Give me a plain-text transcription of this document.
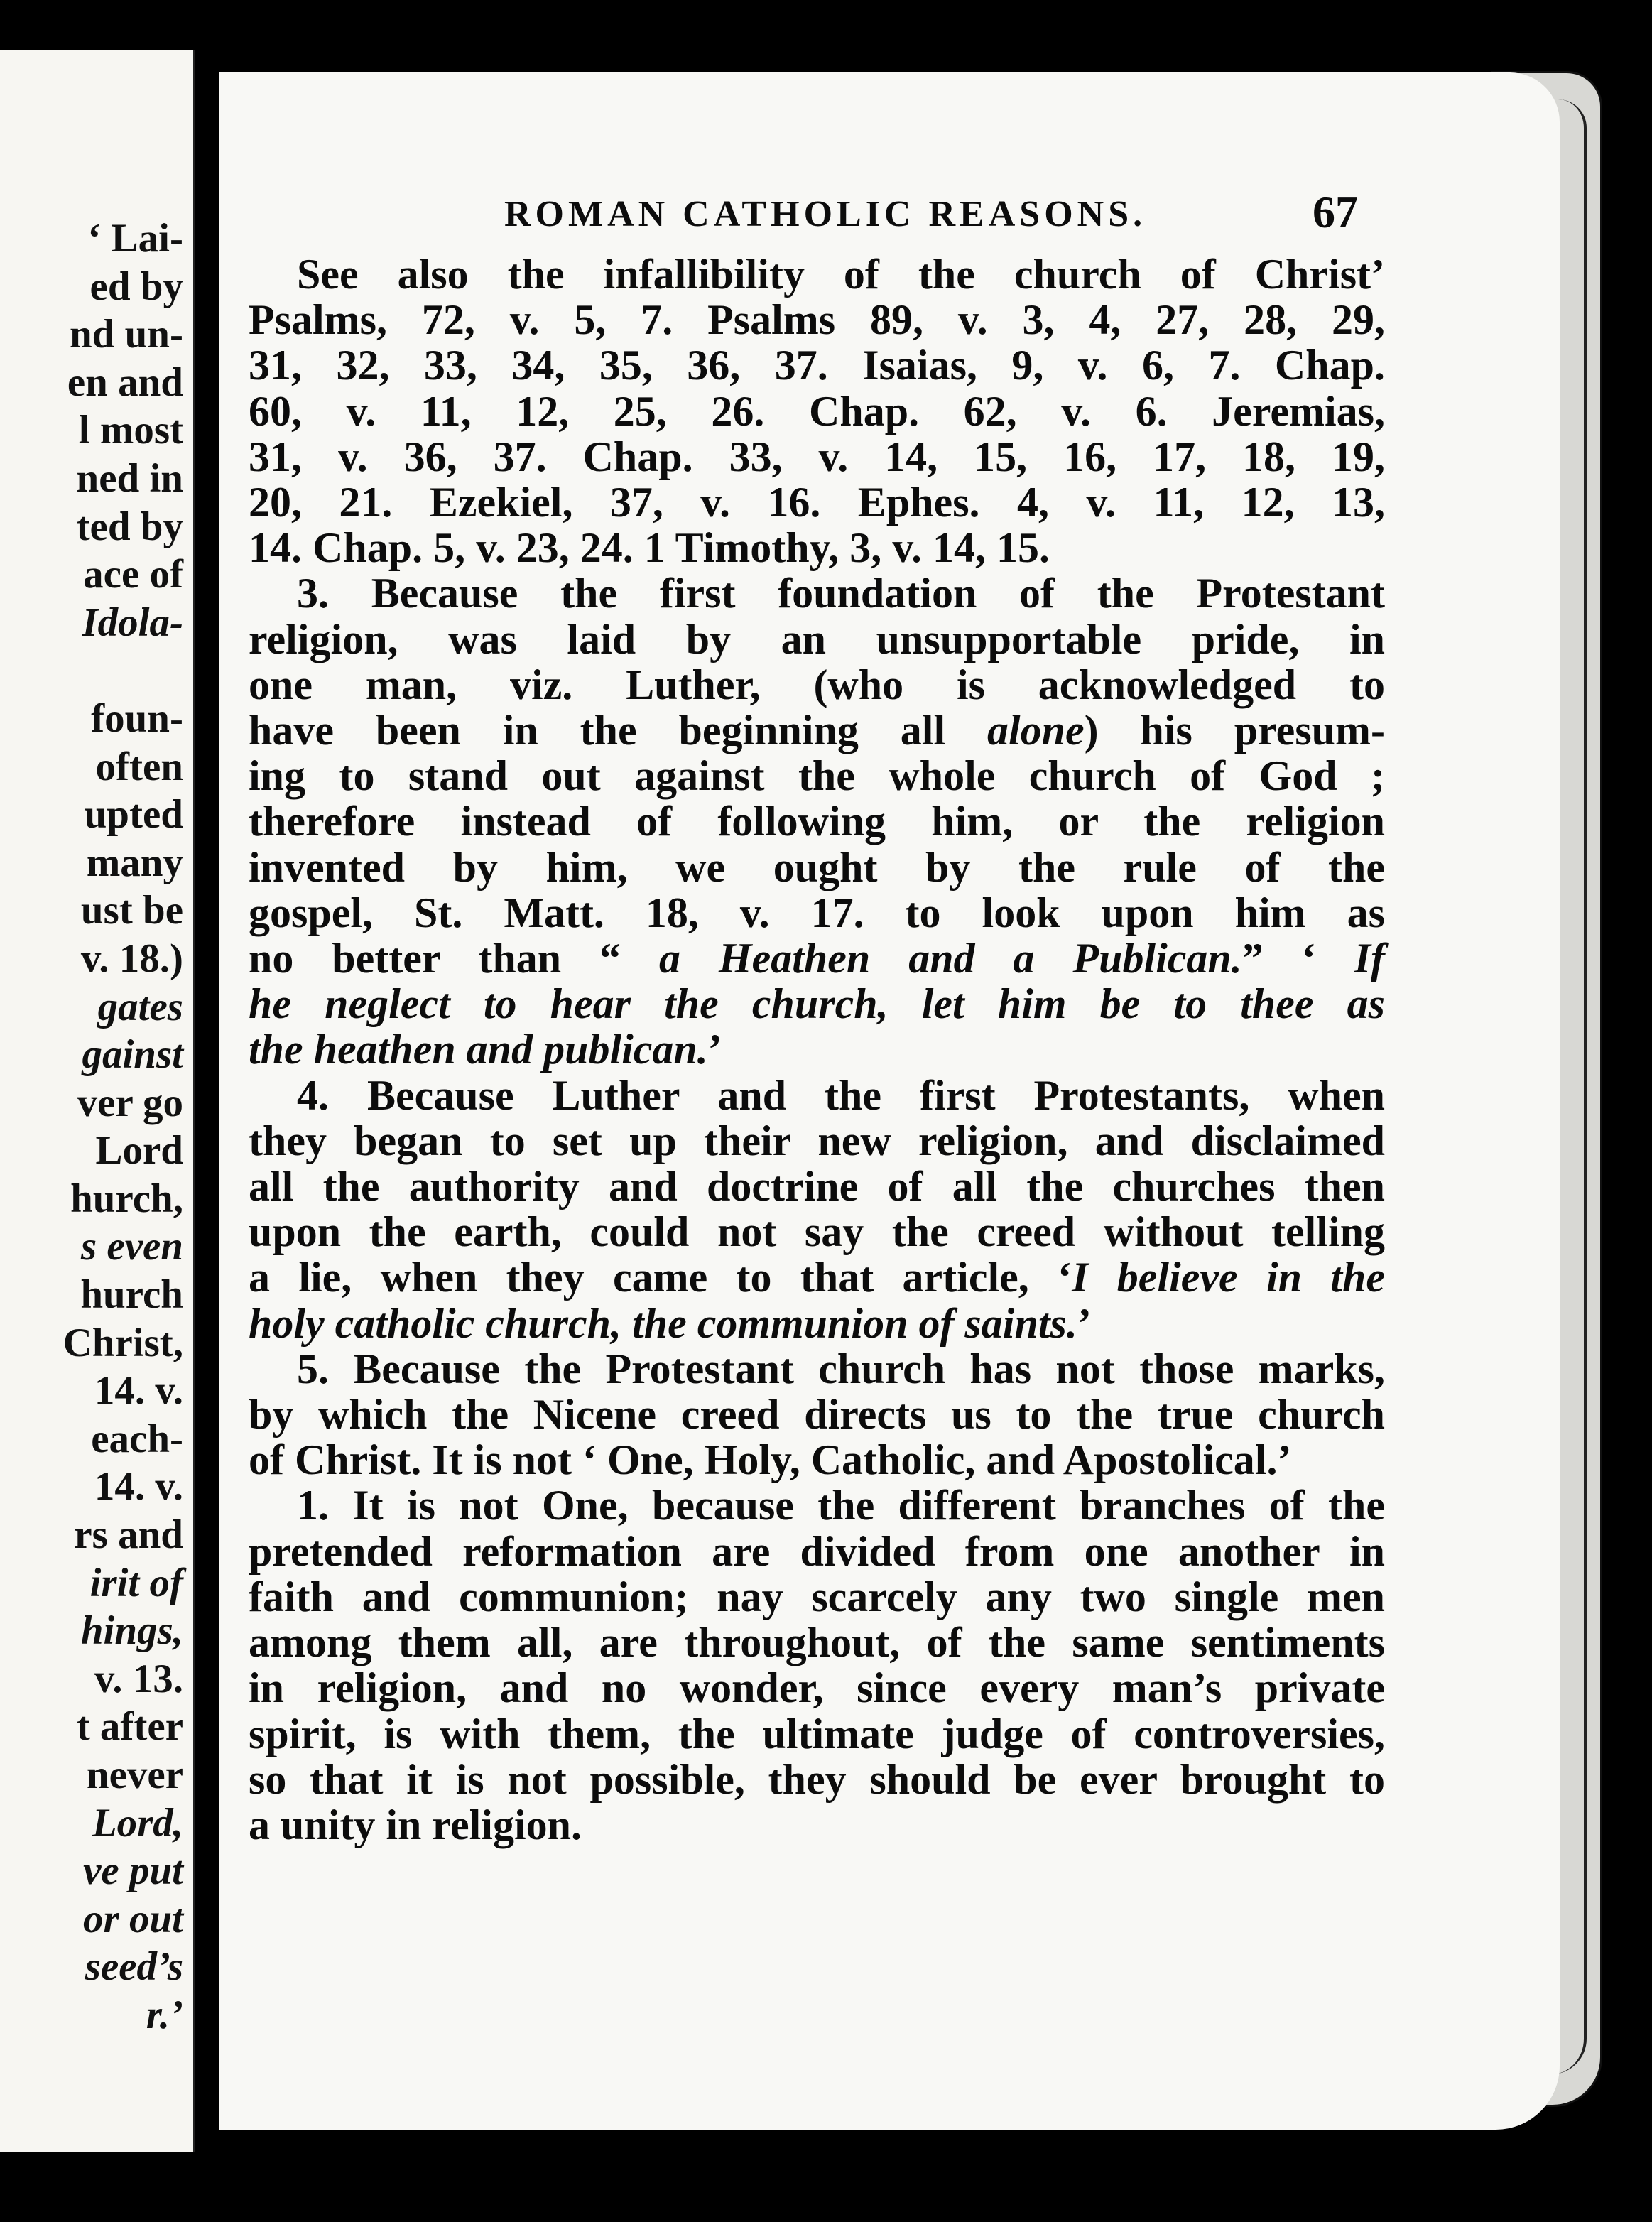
‘ Lai-
ed by
nd un-
en and
l most
ned in
ted by
ace of
Idola-
foun-
often
upted
many
ust be
v. 18.)
gates
gainst
ver go
Lord
hurch,
s even
hurch
Christ,
14. v.
each-
14. v.
rs and
irit of
hings,
v. 13.
t after
never
Lord,
ve put
or out
seed’s
r.’
ROMAN CATHOLIC REASONS.	67
See also the infallibility of the church of Christ’
Psalms, 72, v. 5, 7. Psalms 89, v. 3, 4, 27, 28, 29,
31, 32, 33, 34, 35, 36, 37. Isaias, 9, v. 6, 7. Chap.
60, v. 11, 12, 25, 26. Chap. 62, v. 6. Jeremias,
31, v. 36, 37. Chap. 33, v. 14, 15, 16, 17, 18, 19,
20, 21. Ezekiel, 37, v. 16. Ephes. 4, v. 11, 12, 13,
14. Chap. 5, v. 23, 24. 1 Timothy, 3, v. 14, 15.
3. Because the first foundation of the Protestant
religion, was laid by an unsupportable pride, in
one man, viz. Luther, (who is acknowledged to
have been in the beginning all alone) his presum-
ing to stand out against the whole church of God ;
therefore instead of following him, or the religion
invented by him, we ought by the rule of the
gospel, St. Matt. 18, v. 17. to look upon him as
no better than “ a Heathen and a Publican.” ‘ If
he neglect to hear the church, let him be to thee as
the heathen and publican.’
4. Because Luther and the first Protestants, when
they began to set up their new religion, and disclaimed
all the authority and doctrine of all the churches then
upon the earth, could not say the creed without telling
a lie, when they came to that article, ‘I believe in the
holy catholic church, the communion of saints.’
5. Because the Protestant church has not those marks,
by which the Nicene creed directs us to the true church
of Christ. It is not ‘ One, Holy, Catholic, and Apostolical.’
1. It is not One, because the different branches of the
pretended reformation are divided from one another in
faith and communion; nay scarcely any two single men
among them all, are throughout, of the same sentiments
in religion, and no wonder, since every man’s private
spirit, is with them, the ultimate judge of controversies,
so that it is not possible, they should be ever brought to
a unity in religion.
